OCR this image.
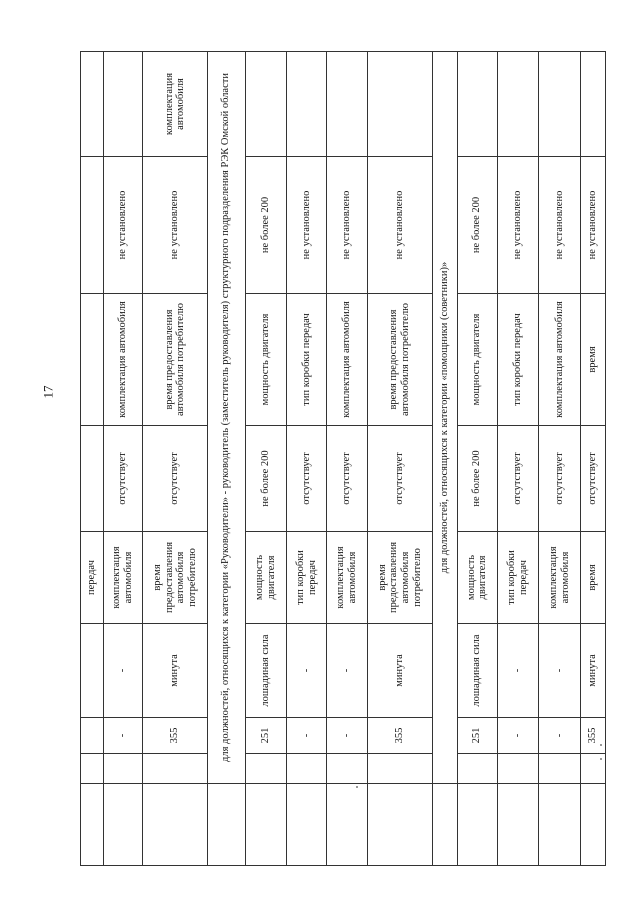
17
				передач				
		-	-	комплектация автомобиля	отсутствует	комплектация автомобиля	не установлено	
		355	минута	время предоставления автомобиля потребителю	отсутствует	время предоставления автомобиля потребителю	не установлено	комплектация автомобиля
	для должностей, относящихся к категории «Руководители» - руководитель (заместитель руководителя) структурного подразделения РЭК Омской области							
		251	лошадиная сила	мощность двигателя	не более 200	мощность двигателя	не более 200	
		-	-	тип коробки передач	отсутствует	тип коробки передач	не установлено	
		-	-	комплектация автомобиля	отсутствует	комплектация автомобиля	не установлено	
		355	минута	время предоставления автомобиля потребителю	отсутствует	время предоставления автомобиля потребителю	не установлено	
	для должностей, относящихся к категории «помощники (советники)»							
		251	лошадиная сила	мощность двигателя	не более 200	мощность двигателя	не более 200	
		-	-	тип коробки передач	отсутствует	тип коробки передач	не установлено	
		-	-	комплектация автомобиля	отсутствует	комплектация автомобиля	не установлено	
		355	минута	время	отсутствует	время	не установлено	
